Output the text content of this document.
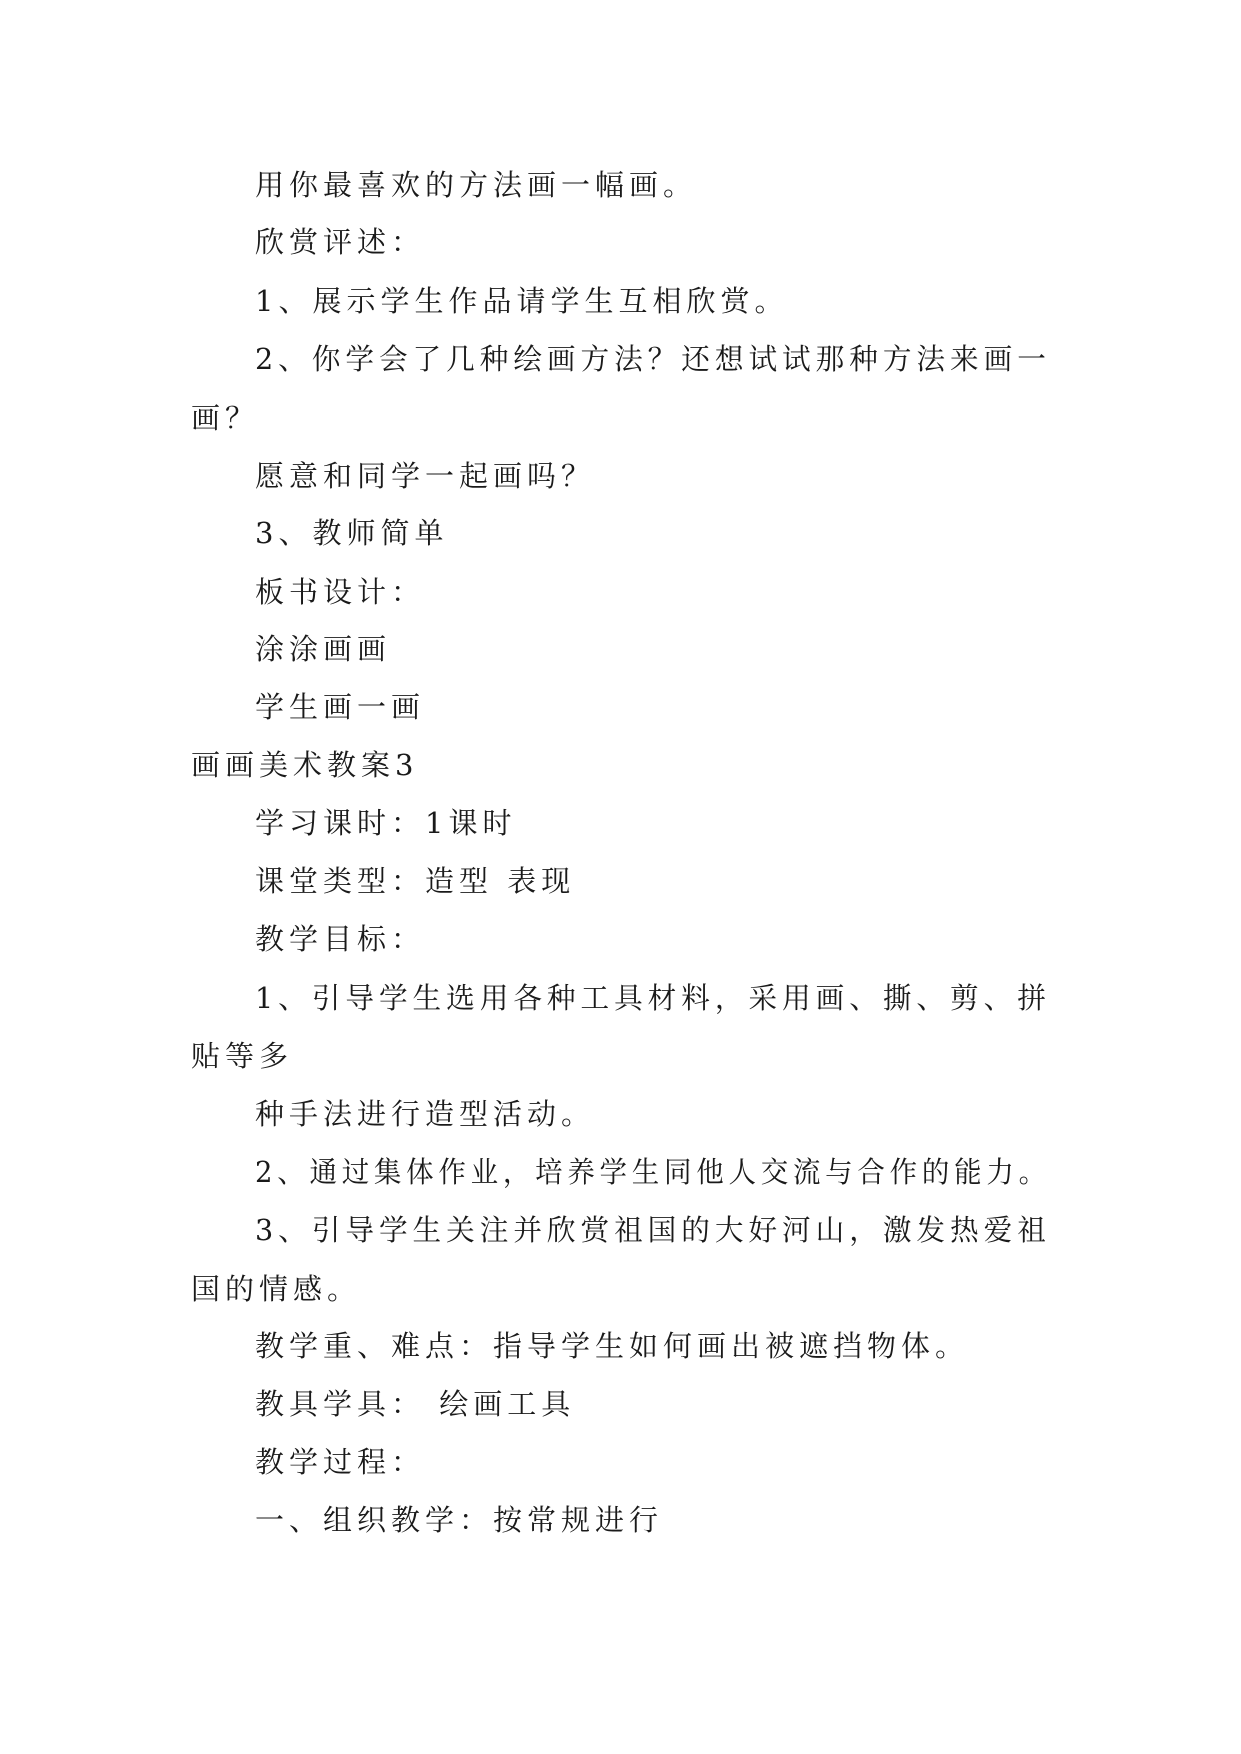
用你最喜欢的方法画一幅画。

欣赏评述：

1、展示学生作品请学生互相欣赏。

2、你学会了几种绘画方法？还想试试那种方法来画一

画？

愿意和同学一起画吗？

3、教师简单

板书设计：

涂涂画画

学生画一画

画画美术教案3

学习课时：1课时

课堂类型：造型 表现

教学目标：

1、引导学生选用各种工具材料，采用画、撕、剪、拼

贴等多

种手法进行造型活动。

2、通过集体作业，培养学生同他人交流与合作的能力。

3、引导学生关注并欣赏祖国的大好河山，激发热爱祖

国的情感。

教学重、难点：指导学生如何画出被遮挡物体。

教具学具： 绘画工具

教学过程：

一、组织教学：按常规进行
